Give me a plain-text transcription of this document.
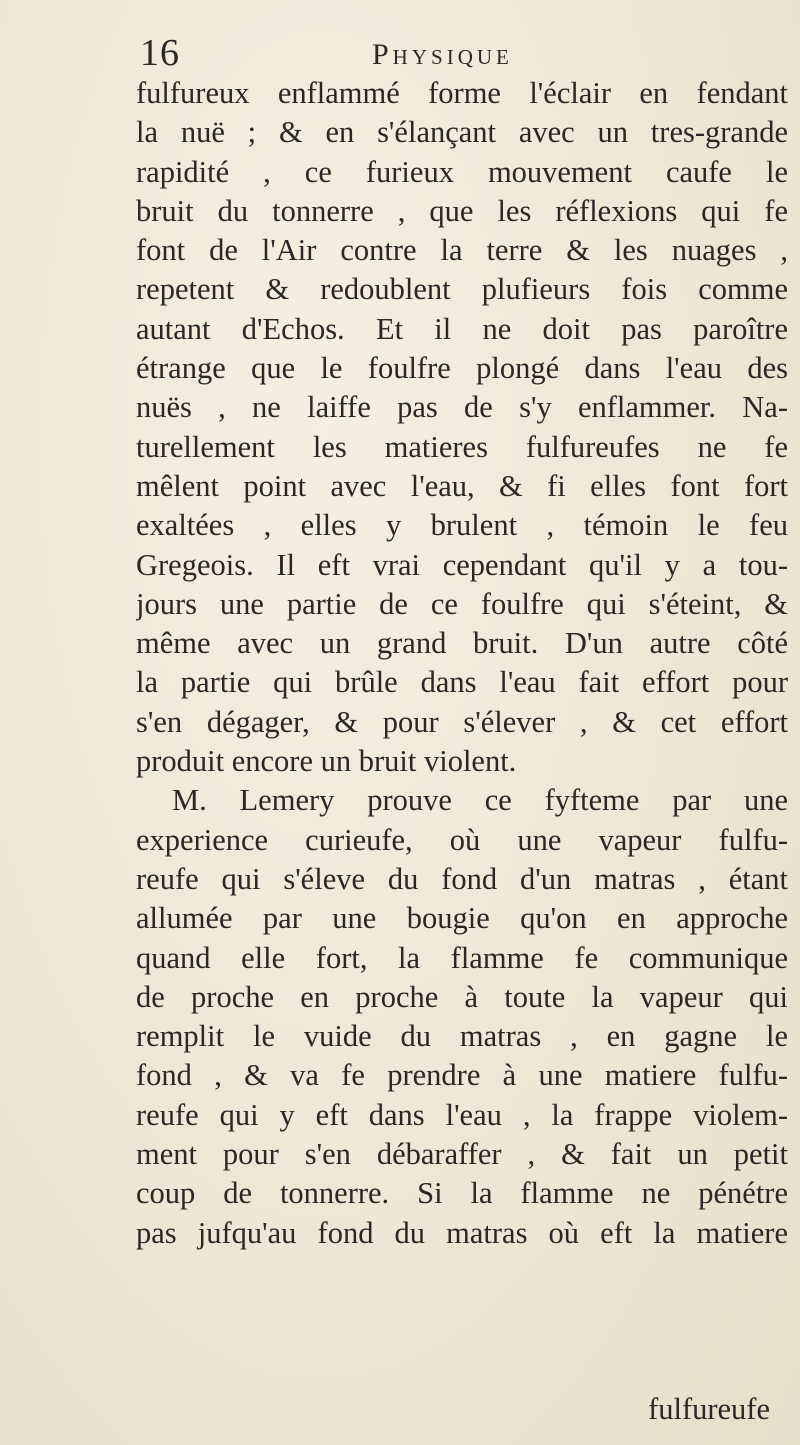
16	Physique
fulfureux enflammé forme l'éclair en fendant
la nuë ; & en s'élançant avec un tres-grande
rapidité , ce furieux mouvement caufe le
bruit du tonnerre , que les réflexions qui fe
font de l'Air contre la terre & les nuages ,
repetent & redoublent plufieurs fois comme
autant d'Echos. Et il ne doit pas paroître
étrange que le foulfre plongé dans l'eau des
nuës , ne laiffe pas de s'y enflammer. Na-
turellement les matieres fulfureufes ne fe
mêlent point avec l'eau, & fi elles font fort
exaltées , elles y brulent , témoin le feu
Gregeois. Il eft vrai cependant qu'il y a tou-
jours une partie de ce foulfre qui s'éteint, &
même avec un grand bruit. D'un autre côté
la partie qui brûle dans l'eau fait effort pour
s'en dégager, & pour s'élever , & cet effort
produit encore un bruit violent.
M. Lemery prouve ce fyfteme par une
experience curieufe, où une vapeur fulfu-
reufe qui s'éleve du fond d'un matras , étant
allumée par une bougie qu'on en approche
quand elle fort, la flamme fe communique
de proche en proche à toute la vapeur qui
remplit le vuide du matras , en gagne le
fond , & va fe prendre à une matiere fulfu-
reufe qui y eft dans l'eau , la frappe violem-
ment pour s'en débaraffer , & fait un petit
coup de tonnerre. Si la flamme ne pénétre
pas jufqu'au fond du matras où eft la matiere
fulfureufe
